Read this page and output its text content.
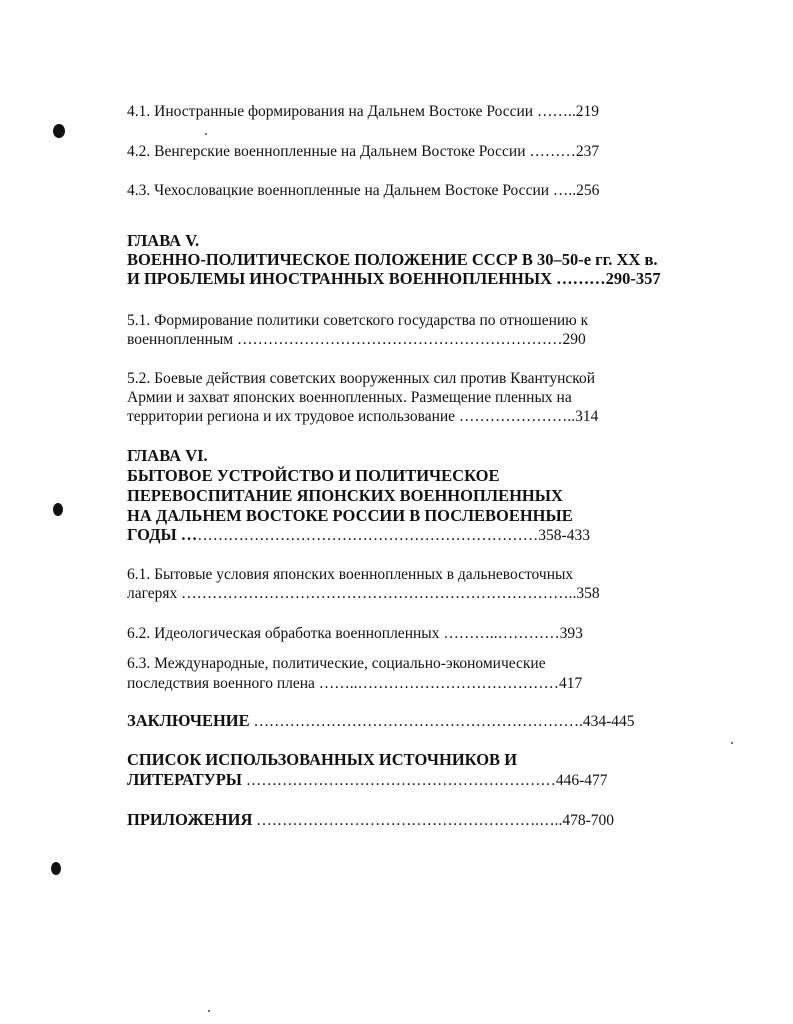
4.1. Иностранные формирования на Дальнем Востоке России ……..219

4.2. Венгерские военнопленные на Дальнем Востоке России ………237

4.3. Чехословацкие военнопленные на Дальнем Востоке России …..256

ГЛАВА V.

ВОЕННО-ПОЛИТИЧЕСКОЕ ПОЛОЖЕНИЕ СССР В 30–50-е гг. XX в.

И ПРОБЛЕМЫ ИНОСТРАННЫХ ВОЕННОПЛЕННЫХ ………290-357

5.1. Формирование политики советского государства по отношению к

военнопленным ………………………………………………………290

5.2. Боевые действия советских вооруженных сил против Квантунской

Армии и захват японских военнопленных. Размещение пленных на

территории региона и их трудовое использование …………………..314

ГЛАВА VI.

БЫТОВОЕ УСТРОЙСТВО И ПОЛИТИЧЕСКОЕ

ПЕРЕВОСПИТАНИЕ ЯПОНСКИХ ВОЕННОПЛЕННЫХ

НА ДАЛЬНЕМ ВОСТОКЕ РОССИИ В ПОСЛЕВОЕННЫЕ

ГОДЫ ……………………………………………………………358-433

6.1. Бытовые условия японских военнопленных в дальневосточных

лагерях …………………………………………………………………..358

6.2. Идеологическая обработка военнопленных ………..…………393

6.3. Международные, политические, социально-экономические

последствия военного плена ……..…………………………………417

ЗАКЛЮЧЕНИЕ ……………………………………………………….434-445

СПИСОК ИСПОЛЬЗОВАННЫХ ИСТОЧНИКОВ И

ЛИТЕРАТУРЫ ……………………………………………………446-477

ПРИЛОЖЕНИЯ ……………………………………………….…..478-700
